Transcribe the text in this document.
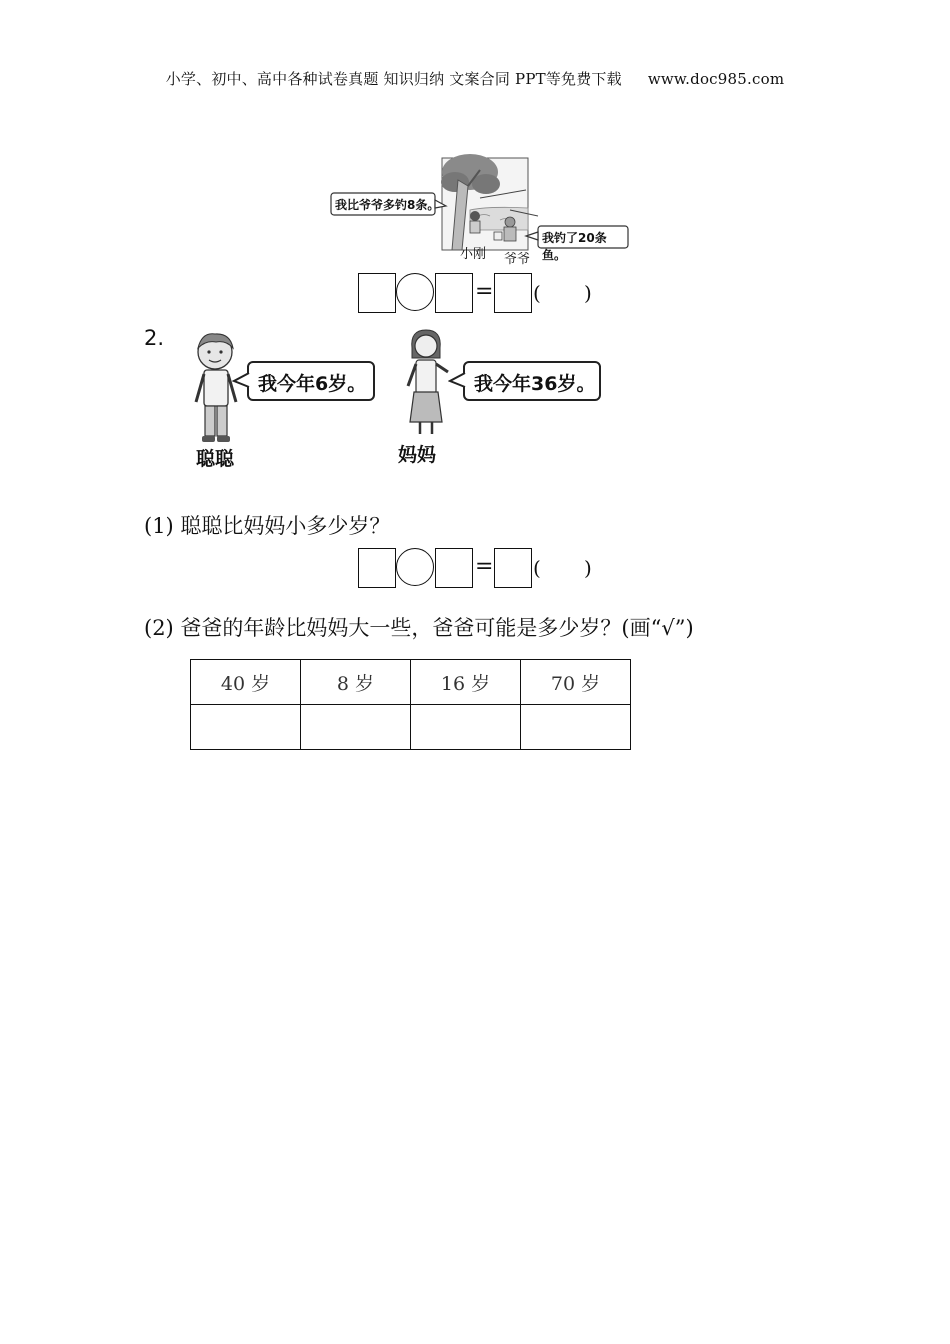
小学、初中、高中各种试卷真题 知识归纳 文案合同 PPT等免费下载 www.doc985.com
我比爷爷多钓8条。
我钓了20条鱼。
小刚 爷爷
= ( )
2.
我今年6岁。
聪聪
我今年36岁。
妈妈
(1) 聪聪比妈妈小多少岁？
= ( )
(2) 爸爸的年龄比妈妈大一些，爸爸可能是多少岁？(画“√”)
40 岁	8 岁	16 岁	70 岁
